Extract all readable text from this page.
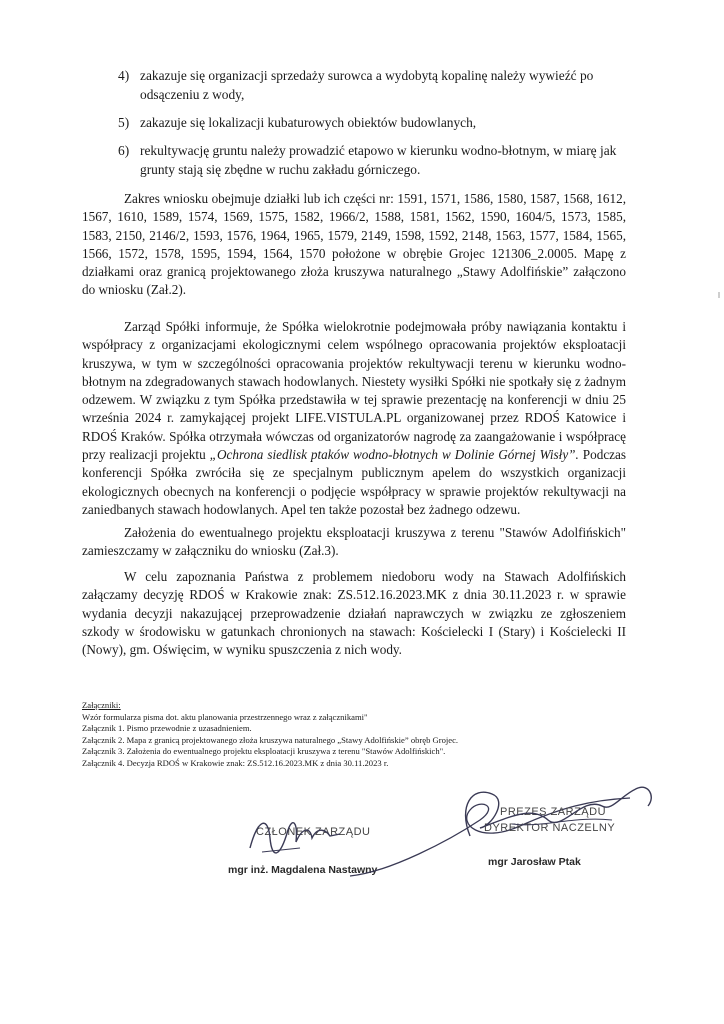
4) zakazuje się organizacji sprzedaży surowca a wydobytą kopalinę należy wywieźć po odsączeniu z wody,
5) zakazuje się lokalizacji kubaturowych obiektów budowlanych,
6) rekultywację gruntu należy prowadzić etapowo w kierunku wodno-błotnym, w miarę jak grunty stają się zbędne w ruchu zakładu górniczego.
Zakres wniosku obejmuje działki lub ich części nr: 1591, 1571, 1586, 1580, 1587, 1568, 1612, 1567, 1610, 1589, 1574, 1569, 1575, 1582, 1966/2, 1588, 1581, 1562, 1590, 1604/5, 1573, 1585, 1583, 2150, 2146/2, 1593, 1576, 1964, 1965, 1579, 2149, 1598, 1592, 2148, 1563, 1577, 1584, 1565, 1566, 1572, 1578, 1595, 1594, 1564, 1570 położone w obrębie Grojec 121306_2.0005. Mapę z działkami oraz granicą projektowanego złoża kruszywa naturalnego „Stawy Adolfińskie” załączono do wniosku (Zał.2).
Zarząd Spółki informuje, że Spółka wielokrotnie podejmowała próby nawiązania kontaktu i współpracy z organizacjami ekologicznymi celem wspólnego opracowania projektów eksploatacji kruszywa, w tym w szczególności opracowania projektów rekultywacji terenu w kierunku wodno-błotnym na zdegradowanych stawach hodowlanych. Niestety wysiłki Spółki nie spotkały się z żadnym odzewem. W związku z tym Spółka przedstawiła w tej sprawie prezentację na konferencji w dniu 25 września 2024 r. zamykającej projekt LIFE.VISTULA.PL organizowanej przez RDOŚ Katowice i RDOŚ Kraków. Spółka otrzymała wówczas od organizatorów nagrodę za zaangażowanie i współpracę przy realizacji projektu „Ochrona siedlisk ptaków wodno-błotnych w Dolinie Górnej Wisły”. Podczas konferencji Spółka zwróciła się ze specjalnym publicznym apelem do wszystkich organizacji ekologicznych obecnych na konferencji o podjęcie współpracy w sprawie projektów rekultywacji na zaniedbanych stawach hodowlanych. Apel ten także pozostał bez żadnego odzewu.
Założenia do ewentualnego projektu eksploatacji kruszywa z terenu "Stawów Adolfińskich" zamieszczamy w załączniku do wniosku (Zał.3).
W celu zapoznania Państwa z problemem niedoboru wody na Stawach Adolfińskich załączamy decyzję RDOŚ w Krakowie znak: ZS.512.16.2023.MK z dnia 30.11.2023 r. w sprawie wydania decyzji nakazującej przeprowadzenie działań naprawczych w związku ze zgłoszeniem szkody w środowisku w gatunkach chronionych na stawach: Kościelecki I (Stary) i Kościelecki II (Nowy), gm. Oświęcim, w wyniku spuszczenia z nich wody.
Załączniki:
Wzór formularza pisma dot. aktu planowania przestrzennego wraz z załącznikami"
Załącznik 1. Pismo przewodnie z uzasadnieniem.
Załącznik 2. Mapa z granicą projektowanego złoża kruszywa naturalnego „Stawy Adolfińskie” obręb Grojec.
Załącznik 3. Założenia do ewentualnego projektu eksploatacji kruszywa z terenu "Stawów Adolfińskich".
Załącznik 4. Decyzja RDOŚ w Krakowie znak: ZS.512.16.2023.MK z dnia 30.11.2023 r.
CZŁONEK ZARZĄDU
mgr inż. Magdalena Nastawny
PREZES ZARZĄDU
DYREKTOR NACZELNY
mgr Jarosław Ptak
